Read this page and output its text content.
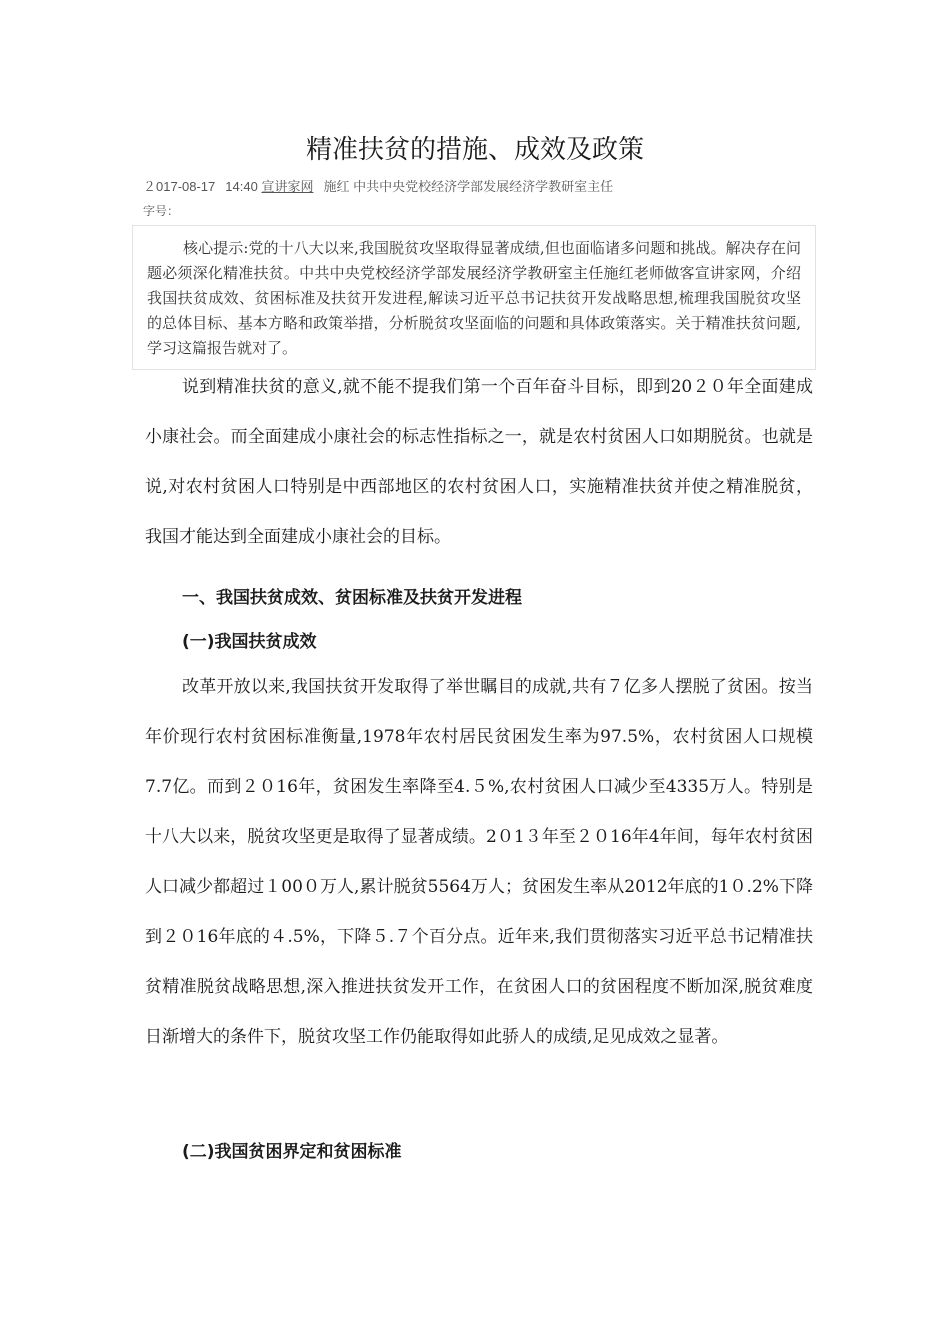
精准扶贫的措施、成效及政策
２017-08-17 14:40 宣讲家网 施红 中共中央党校经济学部发展经济学教研室主任
字号：
核心提示:党的十八大以来,我国脱贫攻坚取得显著成绩,但也面临诸多问题和挑战。解决存在问题必须深化精准扶贫。中共中央党校经济学部发展经济学教研室主任施红老师做客宣讲家网，介绍我国扶贫成效、贫困标准及扶贫开发进程,解读习近平总书记扶贫开发战略思想,梳理我国脱贫攻坚的总体目标、基本方略和政策举措，分析脱贫攻坚面临的问题和具体政策落实。关于精准扶贫问题,学习这篇报告就对了。

说到精准扶贫的意义,就不能不提我们第一个百年奋斗目标，即到20２０年全面建成小康社会。而全面建成小康社会的标志性指标之一，就是农村贫困人口如期脱贫。也就是说,对农村贫困人口特别是中西部地区的农村贫困人口，实施精准扶贫并使之精准脱贫，我国才能达到全面建成小康社会的目标。

一、我国扶贫成效、贫困标准及扶贫开发进程
(一)我国扶贫成效

改革开放以来,我国扶贫开发取得了举世瞩目的成就,共有７亿多人摆脱了贫困。按当年价现行农村贫困标准衡量,1978年农村居民贫困发生率为97.5%，农村贫困人口规模7.7亿。而到２０16年，贫困发生率降至4.５%,农村贫困人口减少至4335万人。特别是十八大以来，脱贫攻坚更是取得了显著成绩。2０1３年至２０16年4年间，每年农村贫困人口减少都超过１00０万人,累计脱贫5564万人；贫困发生率从2012年底的1０.2%下降到２０16年底的４.5%，下降５.７个百分点。近年来,我们贯彻落实习近平总书记精准扶贫精准脱贫战略思想,深入推进扶贫发开工作，在贫困人口的贫困程度不断加深,脱贫难度日渐增大的条件下，脱贫攻坚工作仍能取得如此骄人的成绩,足见成效之显著。

(二)我国贫困界定和贫困标准
